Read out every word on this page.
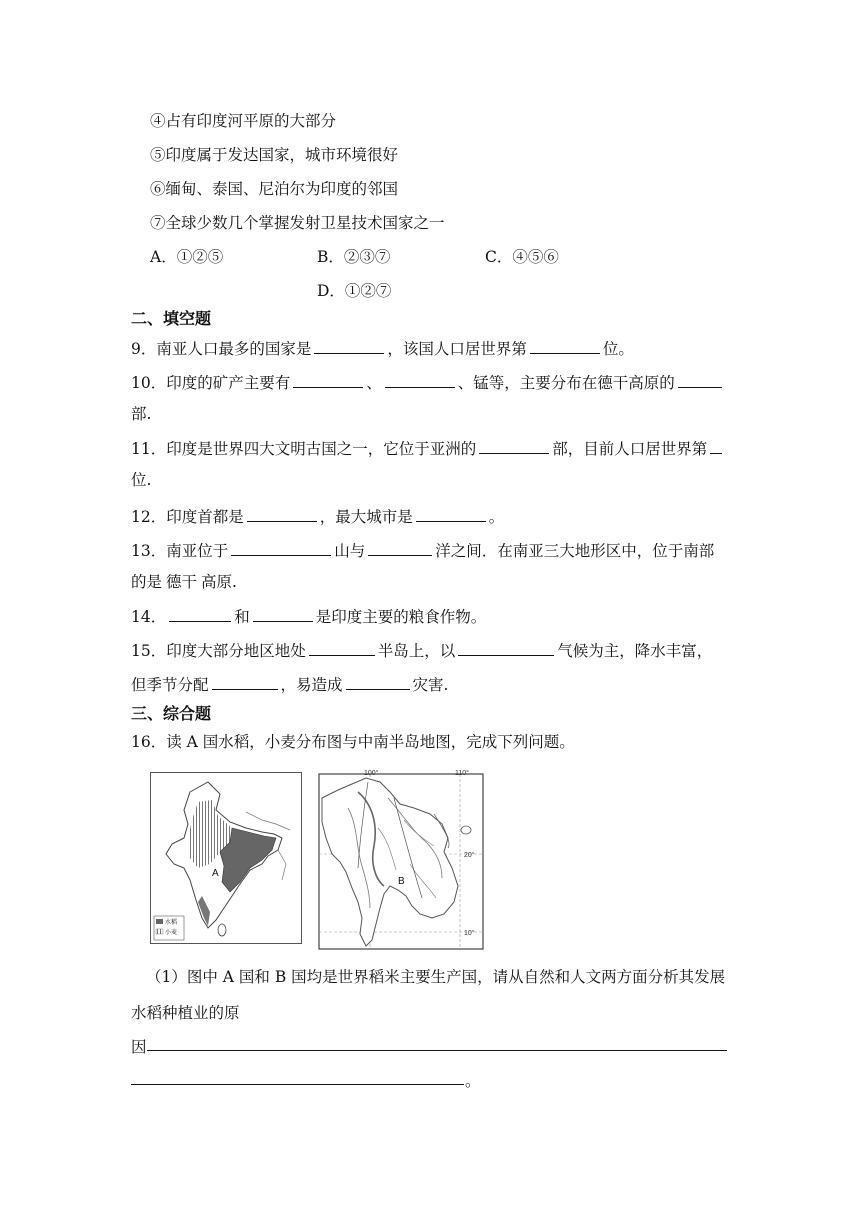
④占有印度河平原的大部分
⑤印度属于发达国家，城市环境很好
⑥缅甸、泰国、尼泊尔为印度的邻国
⑦全球少数几个掌握发射卫星技术国家之一
A．①②⑤	B．②③⑦	C．④⑤⑥
D．①②⑦
二、填空题
9．南亚人口最多的国家是	，该国人口居世界第	位。
10．印度的矿产主要有	、	、锰等，主要分布在德干高原的
部.
11．印度是世界四大文明古国之一，它位于亚洲的	部，目前人口居世界第
位.
12．印度首都是	，最大城市是	。
13．南亚位于	山与	洋之间．在南亚三大地形区中，位于南部
的是 德干 高原.
14．	和	是印度主要的粮食作物。
15．印度大部分地区地处	半岛上，以	气候为主，降水丰富，
但季节分配	，易造成	灾害.
三、综合题
16．读 A 国水稻，小麦分布图与中南半岛地图，完成下列问题。
A
水稻
小麦
100°	110°
20°
10°
B
（1）图中 A 国和 B 国均是世界稻米主要生产国，请从自然和人文两方面分析其发展
水稻种植业的原
因
。
